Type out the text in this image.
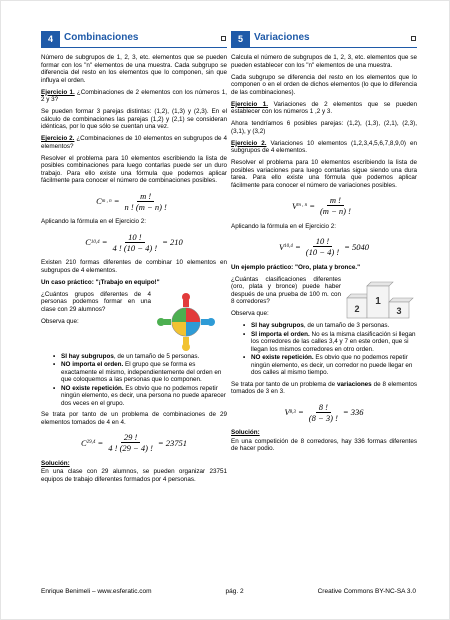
4	Combinaciones

Número de subgrupos de 1, 2, 3, etc. elementos que se pueden formar con los "n" elementos de una muestra. Cada subgrupo se diferencia del resto en los elementos que lo componen, sin que influya el orden.

Ejercicio 1. ¿Combinaciones de 2 elementos con los números 1, 2 y 3?

Se pueden formar 3 parejas distintas: (1,2), (1,3) y (2,3). En el cálculo de combinaciones las parejas (1,2) y (2,1) se consideran idénticas, por lo que sólo se cuentan una vez.

Ejercicio 2. ¿Combinaciones de 10 elementos en subgrupos de 4 elementos?

Resolver el problema para 10 elementos escribiendo la lista de posibles combinaciones para luego contarlas puede ser un duro trabajo. Para ello existe una fórmula que podemos aplicar fácilmente para conocer el número de combinaciones posibles.

C m , $n = \frac{m !}{n ! (m - n) !}$

Aplicando la fórmula en el Ejercicio 2:

C $10,4 = \frac{10 !}{4 ! (10 - 4) !} = 210$

Existen 210 formas diferentes de combinar 10 elementos en subgrupos de 4 elementos.

Un caso práctico: "¡Trabajo en equipo!"

¿Cuántos grupos diferentes de 4 personas podemos formar en una clase con 29 alumnos?

Observa que:

• SI hay subgrupos, de un tamaño de 5 personas.
• NO importa el orden. El grupo que se forma es exactamente el mismo, independientemente del orden en que coloquemos a las personas que lo componen.
• NO existe repetición. Es obvio que no podemos repetir ningún elemento, es decir, una persona no puede aparecer dos veces en el grupo.

Se trata por tanto de un problema de combinaciones de 29 elementos tomados de 4 en 4.

C $29,4 = \frac{29 !}{4 ! (29 - 4) !} = 23751$

Solución:

En una clase con 29 alumnos, se pueden organizar 23751 equipos de trabajo diferentes formados por 4 personas.

5	Variaciones

Calcula el número de subgrupos de 1, 2, 3, etc. elementos que se pueden establecer con los "n" elementos de una muestra.

Cada subgrupo se diferencia del resto en los elementos que lo componen o en el orden de dichos elementos (lo que lo diferencia de las combinaciones).

Ejercicio 1. Variaciones de 2 elementos que se pueden establecer con los números 1 ,2 y 3.

Ahora tendríamos 6 posibles parejas: (1,2), (1,3), (2,1), (2,3), (3,1), y (3,2)

Ejercicio 2. Variaciones 10 elementos (1,2,3,4,5,6,7,8,9,0) en subgrupos de 4 elementos.

Resolver el problema para 10 elementos escribiendo la lista de posibles variaciones para luego contarlas sigue siendo una dura tarea. Para ello existe una fórmula que podemos aplicar fácilmente para conocer el número de variaciones posibles.

V m , $n = \frac{m !}{(m - n) !}$

Aplicando la fórmula en el Ejercicio 2:

V $10,4 = \frac{10 !}{(10 - 4) !} = 5040$

Un ejemplo práctico: "Oro, plata y bronce."

¿Cuántas clasificaciones diferentes (oro, plata y bronce) puede haber después de una prueba de 100 m. con 8 corredores?

Observa que:	2
1
3
• SI hay subgrupos, de un tamaño de 3 personas.
• SI importa el orden. No es la misma clasificación si llegan los corredores de las calles 3,4 y 7 en este orden, que si llegan los mismos corredores en otro orden.
• NO existe repetición. Es obvio que no podemos repetir ningún elemento, es decir, un corredor no puede llegar en dos calles al mismo tiempo.

Se trata por tanto de un problema de variaciones de 8 elementos tomados de 3 en 3.

V $8,3 = \frac{8 !}{(8 - 3) !} = 336$

Solución:

En una competición de 8 corredores, hay 336 formas diferentes de hacer podio.

Enrique Benimeli – www.esferatic.com	pág. 2	Creative Commons BY-NC-SA 3.0
